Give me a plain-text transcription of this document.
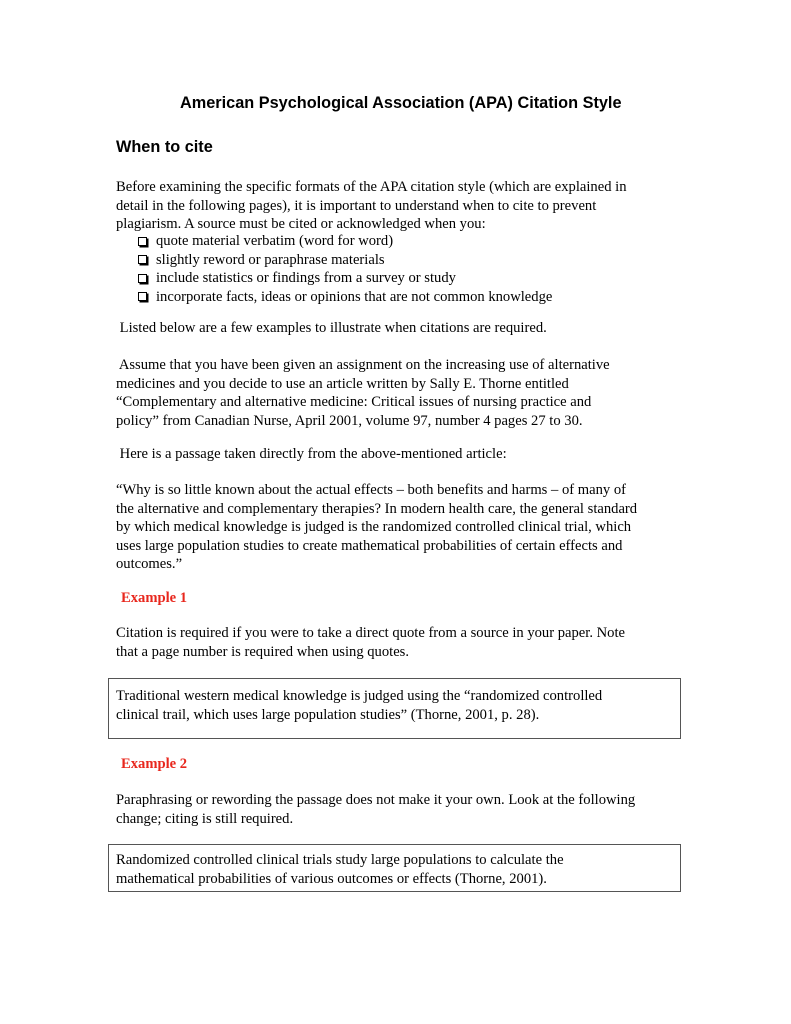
American Psychological Association (APA) Citation Style
When to cite

Before examining the specific formats of the APA citation style (which are explained in
detail in the following pages), it is important to understand when to cite to prevent
plagiarism. A source must be cited or acknowledged when you:

quote material verbatim (word for word)
slightly reword or paraphrase materials
include statistics or findings from a survey or study
incorporate facts, ideas or opinions that are not common knowledge

Listed below are a few examples to illustrate when citations are required.

Assume that you have been given an assignment on the increasing use of alternative
medicines and you decide to use an article written by Sally E. Thorne entitled
“Complementary and alternative medicine: Critical issues of nursing practice and
policy” from Canadian Nurse, April 2001, volume 97, number 4 pages 27 to 30.

Here is a passage taken directly from the above-mentioned article:

“Why is so little known about the actual effects – both benefits and harms – of many of
the alternative and complementary therapies? In modern health care, the general standard
by which medical knowledge is judged is the randomized controlled clinical trial, which
uses large population studies to create mathematical probabilities of certain effects and
outcomes.”

Example 1

Citation is required if you were to take a direct quote from a source in your paper. Note
that a page number is required when using quotes.

Traditional western medical knowledge is judged using the “randomized controlled
clinical trail, which uses large population studies” (Thorne, 2001, p. 28).
Example 2

Paraphrasing or rewording the passage does not make it your own. Look at the following
change; citing is still required.

Randomized controlled clinical trials study large populations to calculate the
mathematical probabilities of various outcomes or effects (Thorne, 2001).
